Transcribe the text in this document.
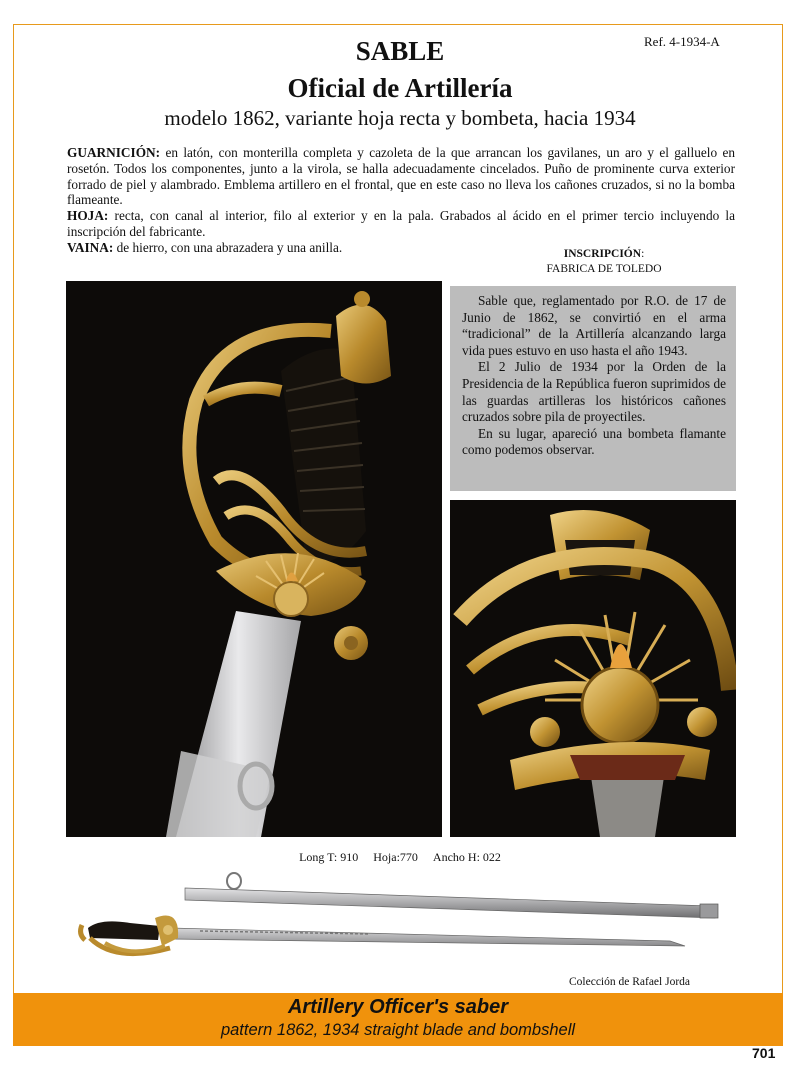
Ref. 4-1934-A
SABLE
Oficial de Artillería
modelo 1862, variante hoja recta y bombeta, hacia 1934
GUARNICIÓN: en latón, con monterilla completa y cazoleta de la que arrancan los gavilanes, un aro y el galluelo en rosetón. Todos los componentes, junto a la virola, se halla adecuadamente cincelados. Puño de prominente curva exterior forrado de piel y alambrado. Emblema artillero en el frontal, que en este caso no lleva los cañones cruzados, si no la bomba flameante.
HOJA: recta, con canal al interior, filo al exterior y en la pala. Grabados al ácido en el primer tercio incluyendo la inscripción del fabricante.
VAINA: de hierro, con una abrazadera y una anilla.	INSCRIPCIÓN:
FABRICA DE TOLEDO

Sable que, reglamentado por R.O. de 17 de Junio de 1862, se convirtió en el arma “tradicional” de la Artillería alcanzando larga vida pues estuvo en uso hasta el año 1943.

El 2 Julio de 1934 por la Orden de la Presidencia de la República fueron suprimidos de las guardas artilleras los históricos cañones cruzados sobre pila de proyectiles.

En su lugar, apareció una bombeta flamante como podemos observar.

Long T: 910 Hoja:770 Ancho H: 022
Colección de Rafael Jorda
Artillery Officer's saber
pattern 1862, 1934 straight blade and bombshell
701
